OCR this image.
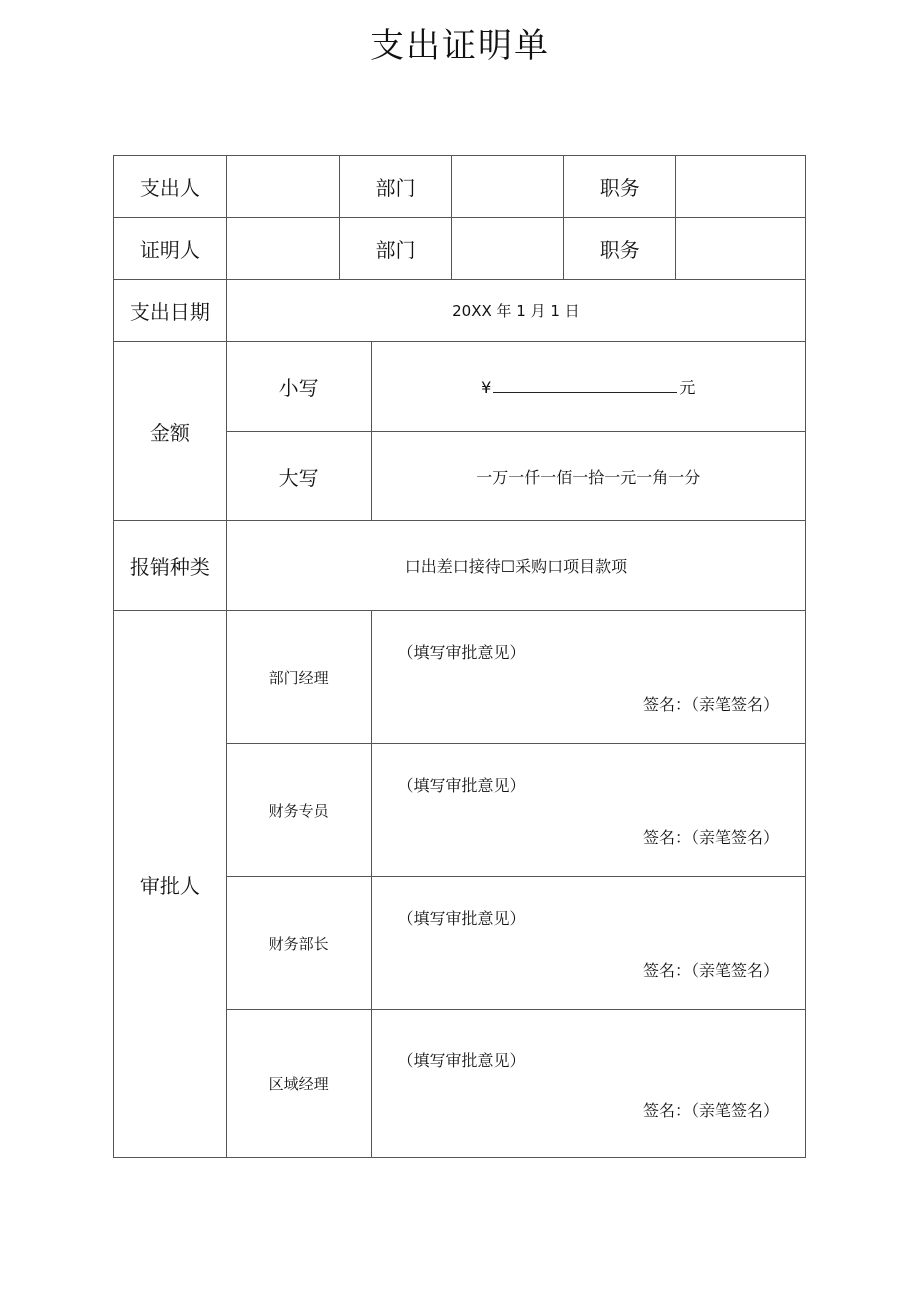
支出证明单
支出人		部门			职务	
证明人		部门			职务	
支出日期	20XX 年 1 月 1 日					
金额	小写		¥ 元			
	大写		一万一仟一佰一拾一元一角一分			
报销种类	口出差口接待☐采购口项目款项					
审批人	部门经理		（填写审批意见）
签名：（亲笔签名）			

	财务专员		（填写审批意见）
签名：（亲笔签名）			

	财务部长		（填写审批意见）
签名：（亲笔签名）			

	区域经理		（填写审批意见）
签名：（亲笔签名）			
